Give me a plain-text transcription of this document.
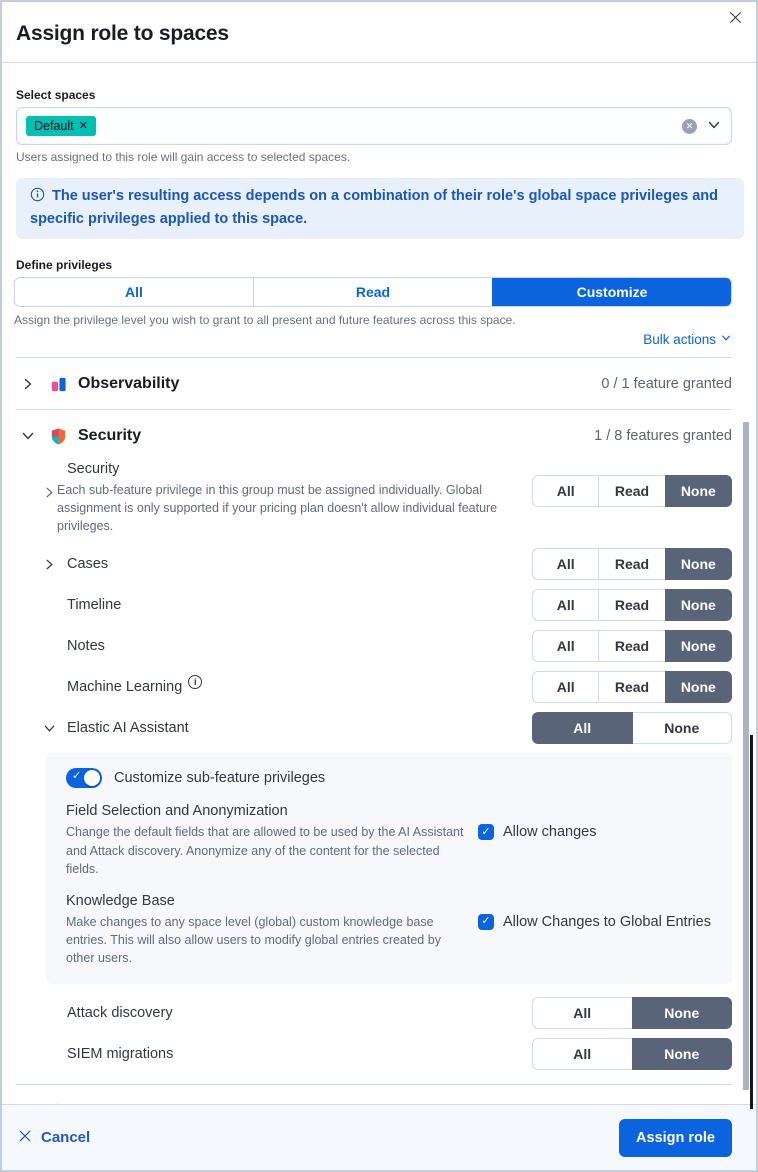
Assign role to spaces
Select spaces
Default ✕	✕
Users assigned to this role will gain access to selected spaces.
The user's resulting access depends on a combination of their role's global space privileges and specific privileges applied to this space.
Define privileges
All	Read	Customize
Assign the privilege level you wish to grant to all present and future features across this space.
Bulk actions
Observability	0 / 1 feature granted
Security	1 / 8 features granted
Security

Each sub-feature privilege in this group must be assigned individually. Global assignment is only supported if your pricing plan doesn't allow individual feature privileges.

All	Read	None
Cases	All	Read	None
Timeline	All	Read	None
Notes	All	Read	None
Machine Learning	i	All	Read	None
Elastic AI Assistant	All	None
✓
Customize sub-feature privileges
Field Selection and Anonymization

Change the default fields that are allowed to be used by the AI Assistant and Attack discovery. Anonymize any of the content for the selected fields.

✓ Allow changes
Knowledge Base

Make changes to any space level (global) custom knowledge base entries. This will also allow users to modify global entries created by other users.

✓ Allow Changes to Global Entries
Attack discovery	All	None
SIEM migrations	All	None
Cancel	Assign role
